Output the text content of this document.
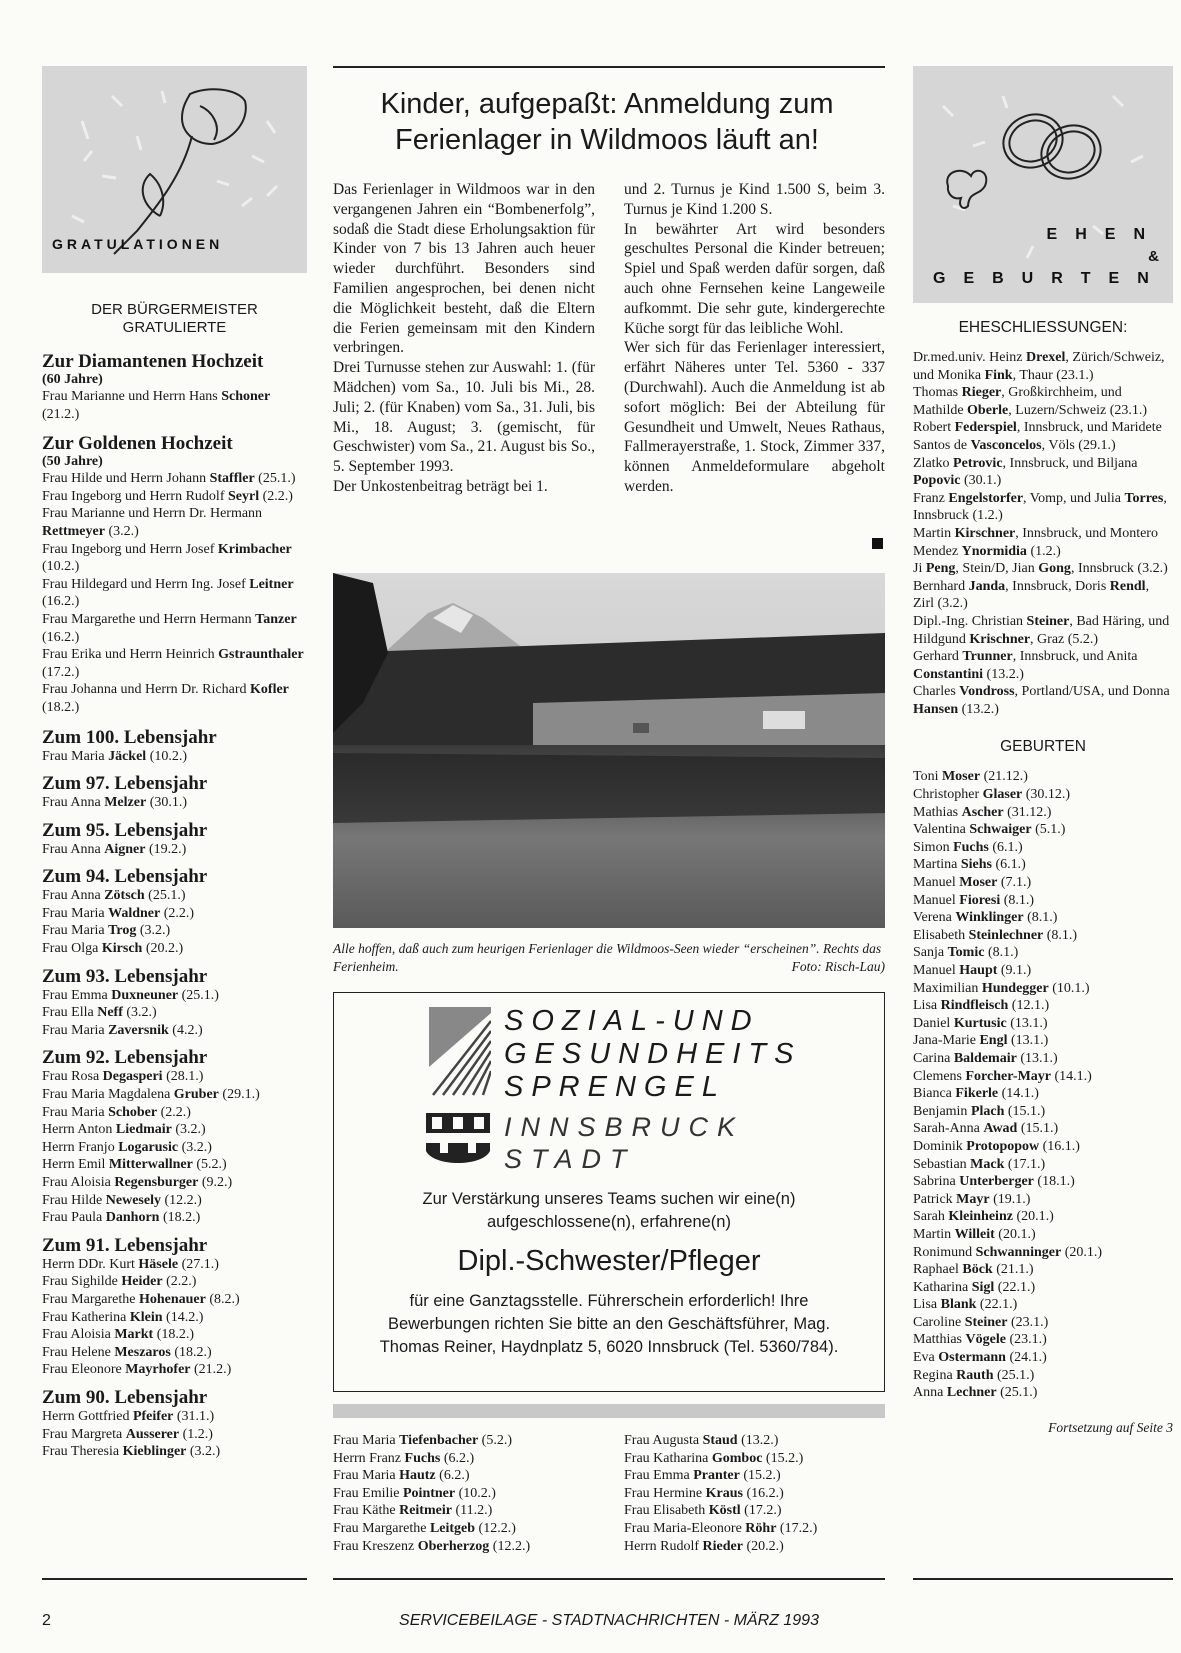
GRATULATIONEN
DER BÜRGERMEISTER GRATULIERTE
Zur Diamantenen Hochzeit
(60 Jahre)
Frau Marianne und Herrn Hans Schoner (21.2.)
Zur Goldenen Hochzeit
(50 Jahre)
Frau Hilde und Herrn Johann Staffler (25.1.)
Frau Ingeborg und Herrn Rudolf Seyrl (2.2.)
Frau Marianne und Herrn Dr. Hermann Rettmeyer (3.2.)
Frau Ingeborg und Herrn Josef Krimbacher (10.2.)
Frau Hildegard und Herrn Ing. Josef Leitner (16.2.)
Frau Margarethe und Herrn Hermann Tanzer (16.2.)
Frau Erika und Herrn Heinrich Gstraunthaler (17.2.)
Frau Johanna und Herrn Dr. Richard Kofler (18.2.)
Zum 100. Lebensjahr
Frau Maria Jäckel (10.2.)
Zum 97. Lebensjahr
Frau Anna Melzer (30.1.)
Zum 95. Lebensjahr
Frau Anna Aigner (19.2.)
Zum 94. Lebensjahr
Frau Anna Zötsch (25.1.)
Frau Maria Waldner (2.2.)
Frau Maria Trog (3.2.)
Frau Olga Kirsch (20.2.)
Zum 93. Lebensjahr
Frau Emma Duxneuner (25.1.)
Frau Ella Neff (3.2.)
Frau Maria Zaversnik (4.2.)
Zum 92. Lebensjahr
Frau Rosa Degasperi (28.1.)
Frau Maria Magdalena Gruber (29.1.)
Frau Maria Schober (2.2.)
Herrn Anton Liedmair (3.2.)
Herrn Franjo Logarusic (3.2.)
Herrn Emil Mitterwallner (5.2.)
Frau Aloisia Regensburger (9.2.)
Frau Hilde Newesely (12.2.)
Frau Paula Danhorn (18.2.)
Zum 91. Lebensjahr
Herrn DDr. Kurt Häsele (27.1.)
Frau Sighilde Heider (2.2.)
Frau Margarethe Hohenauer (8.2.)
Frau Katherina Klein (14.2.)
Frau Aloisia Markt (18.2.)
Frau Helene Meszaros (18.2.)
Frau Eleonore Mayrhofer (21.2.)
Zum 90. Lebensjahr
Herrn Gottfried Pfeifer (31.1.)
Frau Margreta Ausserer (1.2.)
Frau Theresia Kieblinger (3.2.)
Kinder, aufgepaßt: Anmeldung zum Ferienlager in Wildmoos läuft an!
Das Ferienlager in Wildmoos war in den vergangenen Jahren ein “Bombenerfolg”, sodaß die Stadt diese Erholungsaktion für Kinder von 7 bis 13 Jahren auch heuer wieder durchführt. Besonders sind Familien angesprochen, bei denen nicht die Möglichkeit besteht, daß die Eltern die Ferien gemeinsam mit den Kindern verbringen.
Drei Turnusse stehen zur Auswahl: 1. (für Mädchen) vom Sa., 10. Juli bis Mi., 28. Juli; 2. (für Knaben) vom Sa., 31. Juli, bis Mi., 18. August; 3. (gemischt, für Geschwister) vom Sa., 21. August bis So., 5. September 1993.
Der Unkostenbeitrag beträgt bei 1.
und 2. Turnus je Kind 1.500 S, beim 3. Turnus je Kind 1.200 S.
In bewährter Art wird besonders geschultes Personal die Kinder betreuen; Spiel und Spaß werden dafür sorgen, daß auch ohne Fernsehen keine Langeweile aufkommt. Die sehr gute, kindergerechte Küche sorgt für das leibliche Wohl.
Wer sich für das Ferienlager interessiert, erfährt Näheres unter Tel. 5360 - 337 (Durchwahl). Auch die Anmeldung ist ab sofort möglich: Bei der Abteilung für Gesundheit und Umwelt, Neues Rathaus, Fallmerayerstraße, 1. Stock, Zimmer 337, können Anmeldeformulare abgeholt werden.
Alle hoffen, daß auch zum heurigen Ferienlager die Wildmoos-Seen wieder “erscheinen”. Rechts das Ferienheim.	Foto: Risch-Lau)
SOZIAL-UND
GESUNDHEITS
SPRENGEL
INNSBRUCK
STADT
Zur Verstärkung unseres Teams suchen wir eine(n) aufgeschlossene(n), erfahrene(n)
Dipl.-Schwester/Pfleger
für eine Ganztagsstelle. Führerschein erforderlich! Ihre Bewerbungen richten Sie bitte an den Geschäftsführer, Mag. Thomas Reiner, Haydnplatz 5, 6020 Innsbruck (Tel. 5360/784).
Frau Maria Tiefenbacher (5.2.)
Herrn Franz Fuchs (6.2.)
Frau Maria Hautz (6.2.)
Frau Emilie Pointner (10.2.)
Frau Käthe Reitmeir (11.2.)
Frau Margarethe Leitgeb (12.2.)
Frau Kreszenz Oberherzog (12.2.)
Frau Augusta Staud (13.2.)
Frau Katharina Gomboc (15.2.)
Frau Emma Pranter (15.2.)
Frau Hermine Kraus (16.2.)
Frau Elisabeth Köstl (17.2.)
Frau Maria-Eleonore Röhr (17.2.)
Herrn Rudolf Rieder (20.2.)
EHEN
&
GEBURTEN
EHESCHLIESSUNGEN:
Dr.med.univ. Heinz Drexel, Zürich/Schweiz, und Monika Fink, Thaur (23.1.)
Thomas Rieger, Großkirchheim, und Mathilde Oberle, Luzern/Schweiz (23.1.)
Robert Federspiel, Innsbruck, und Maridete Santos de Vasconcelos, Völs (29.1.)
Zlatko Petrovic, Innsbruck, und Biljana Popovic (30.1.)
Franz Engelstorfer, Vomp, und Julia Torres, Innsbruck (1.2.)
Martin Kirschner, Innsbruck, und Montero Mendez Ynormidia (1.2.)
Ji Peng, Stein/D, Jian Gong, Innsbruck (3.2.)
Bernhard Janda, Innsbruck, Doris Rendl, Zirl (3.2.)
Dipl.-Ing. Christian Steiner, Bad Häring, und Hildgund Krischner, Graz (5.2.)
Gerhard Trunner, Innsbruck, und Anita Constantini (13.2.)
Charles Vondross, Portland/USA, und Donna Hansen (13.2.)
GEBURTEN
Toni Moser (21.12.)
Christopher Glaser (30.12.)
Mathias Ascher (31.12.)
Valentina Schwaiger (5.1.)
Simon Fuchs (6.1.)
Martina Siehs (6.1.)
Manuel Moser (7.1.)
Manuel Fioresi (8.1.)
Verena Winklinger (8.1.)
Elisabeth Steinlechner (8.1.)
Sanja Tomic (8.1.)
Manuel Haupt (9.1.)
Maximilian Hundegger (10.1.)
Lisa Rindfleisch (12.1.)
Daniel Kurtusic (13.1.)
Jana-Marie Engl (13.1.)
Carina Baldemair (13.1.)
Clemens Forcher-Mayr (14.1.)
Bianca Fikerle (14.1.)
Benjamin Plach (15.1.)
Sarah-Anna Awad (15.1.)
Dominik Protopopow (16.1.)
Sebastian Mack (17.1.)
Sabrina Unterberger (18.1.)
Patrick Mayr (19.1.)
Sarah Kleinheinz (20.1.)
Martin Willeit (20.1.)
Ronimund Schwanninger (20.1.)
Raphael Böck (21.1.)
Katharina Sigl (22.1.)
Lisa Blank (22.1.)
Caroline Steiner (23.1.)
Matthias Vögele (23.1.)
Eva Ostermann (24.1.)
Regina Rauth (25.1.)
Anna Lechner (25.1.)
Fortsetzung auf Seite 3
2	SERVICEBEILAGE - STADTNACHRICHTEN - MÄRZ 1993
